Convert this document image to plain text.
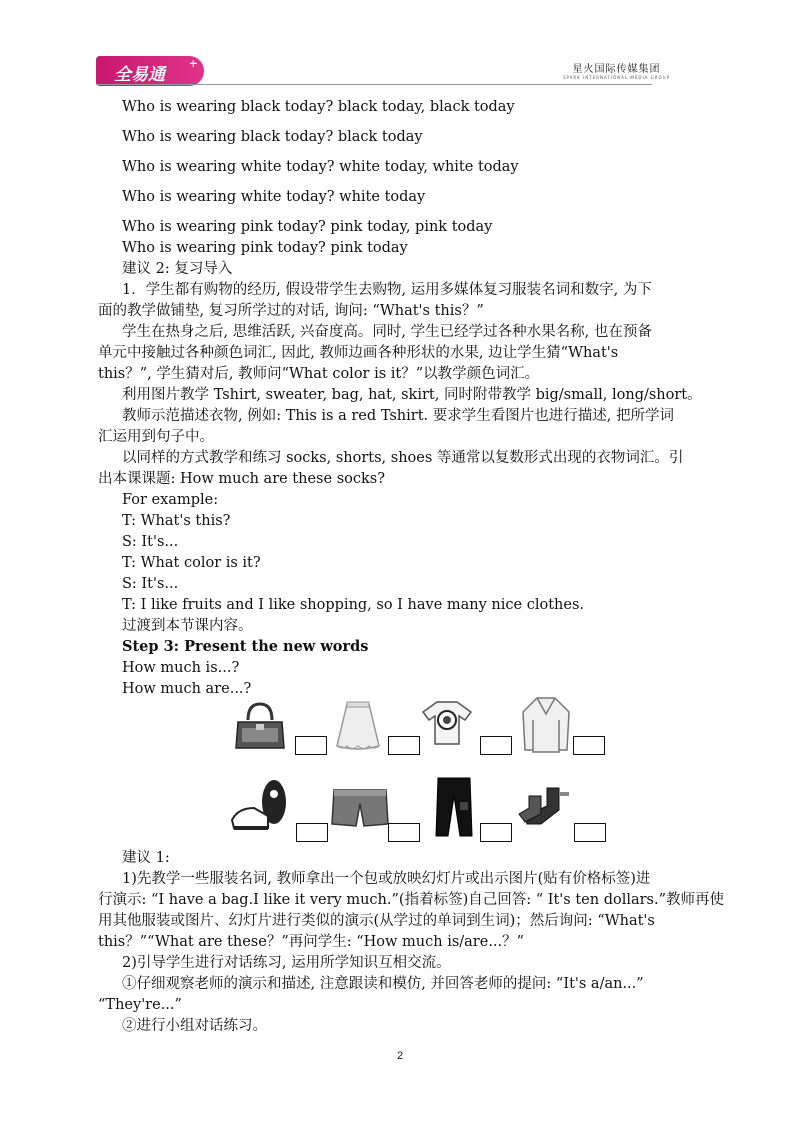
全易通
+	星火国际传媒集团
SPARK INTERNATIONAL MEDIA GROUP
Who is wearing black today? black today, black today
Who is wearing black today? black today
Who is wearing white today? white today, white today
Who is wearing white today? white today
Who is wearing pink today? pink today, pink today
Who is wearing pink today? pink today
建议 2: 复习导入
1．学生都有购物的经历, 假设带学生去购物, 运用多媒体复习服装名词和数字, 为下
面的教学做铺垫, 复习所学过的对话, 询问: “What's this？”
学生在热身之后, 思维活跃, 兴奋度高。同时, 学生已经学过各种水果名称, 也在预备
单元中接触过各种颜色词汇, 因此, 教师边画各种形状的水果, 边让学生猜“What's
this？”, 学生猜对后, 教师问“What color is it？”以教学颜色词汇。
利用图片教学 Tshirt, sweater, bag, hat, skirt, 同时附带教学 big/small, long/short。
教师示范描述衣物, 例如: This is a red Tshirt. 要求学生看图片也进行描述, 把所学词
汇运用到句子中。
以同样的方式教学和练习 socks, shorts, shoes 等通常以复数形式出现的衣物词汇。引
出本课课题: How much are these socks?
For example:
T: What's this?
S: It's...
T: What color is it?
S: It's...
T: I like fruits and I like shopping, so I have many nice clothes.
过渡到本节课内容。
Step 3: Present the new words
How much is...?
How much are...?
建议 1:
1)先教学一些服装名词, 教师拿出一个包或放映幻灯片或出示图片(贴有价格标签)进
行演示: “I have a bag.I like it very much.”(指着标签)自己回答: “ It's ten dollars.”教师再使
用其他服装或图片、幻灯片进行类似的演示(从学过的单词到生词)；然后询问: “What's
this？”“What are these？”再问学生: “How much is/are...？”
2)引导学生进行对话练习, 运用所学知识互相交流。
①仔细观察老师的演示和描述, 注意跟读和模仿, 并回答老师的提问: “It's a/an...”
“They're...”
②进行小组对话练习。
2
